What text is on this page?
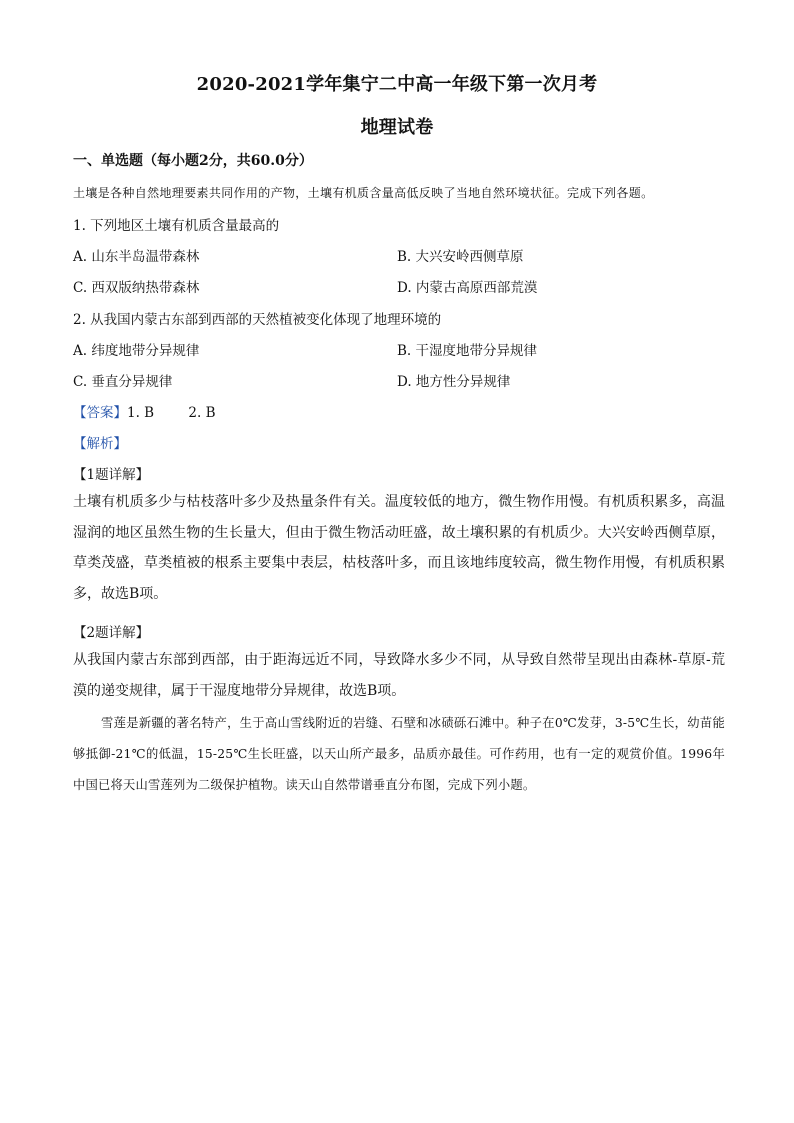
2020-2021学年集宁二中高一年级下第一次月考
地理试卷
一、单选题（每小题2分，共60.0分）
土壤是各种自然地理要素共同作用的产物，土壤有机质含量高低反映了当地自然环境状征。完成下列各题。
1. 下列地区土壤有机质含量最高的
A. 山东半岛温带森林	B. 大兴安岭西侧草原
C. 西双版纳热带森林	D. 内蒙古高原西部荒漠
2. 从我国内蒙古东部到西部的天然植被变化体现了地理环境的
A. 纬度地带分异规律	B. 干湿度地带分异规律
C. 垂直分异规律	D. 地方性分异规律
【答案】1. B        2. B
【解析】
【1题详解】
土壤有机质多少与枯枝落叶多少及热量条件有关。温度较低的地方，微生物作用慢。有机质积累多，高温湿润的地区虽然生物的生长量大，但由于微生物活动旺盛，故土壤积累的有机质少。大兴安岭西侧草原，草类茂盛，草类植被的根系主要集中表层，枯枝落叶多，而且该地纬度较高，微生物作用慢，有机质积累多，故选B项。
【2题详解】
从我国内蒙古东部到西部，由于距海远近不同，导致降水多少不同，从导致自然带呈现出由森林-草原-荒漠的递变规律，属于干湿度地带分异规律，故选B项。
雪莲是新疆的著名特产，生于高山雪线附近的岩缝、石壁和冰碛砾石滩中。种子在0℃发芽，3-5℃生长，幼苗能够抵御-21℃的低温，15-25℃生长旺盛，以天山所产最多，品质亦最佳。可作药用，也有一定的观赏价值。1996年中国已将天山雪莲列为二级保护植物。读天山自然带谱垂直分布图，完成下列小题。
